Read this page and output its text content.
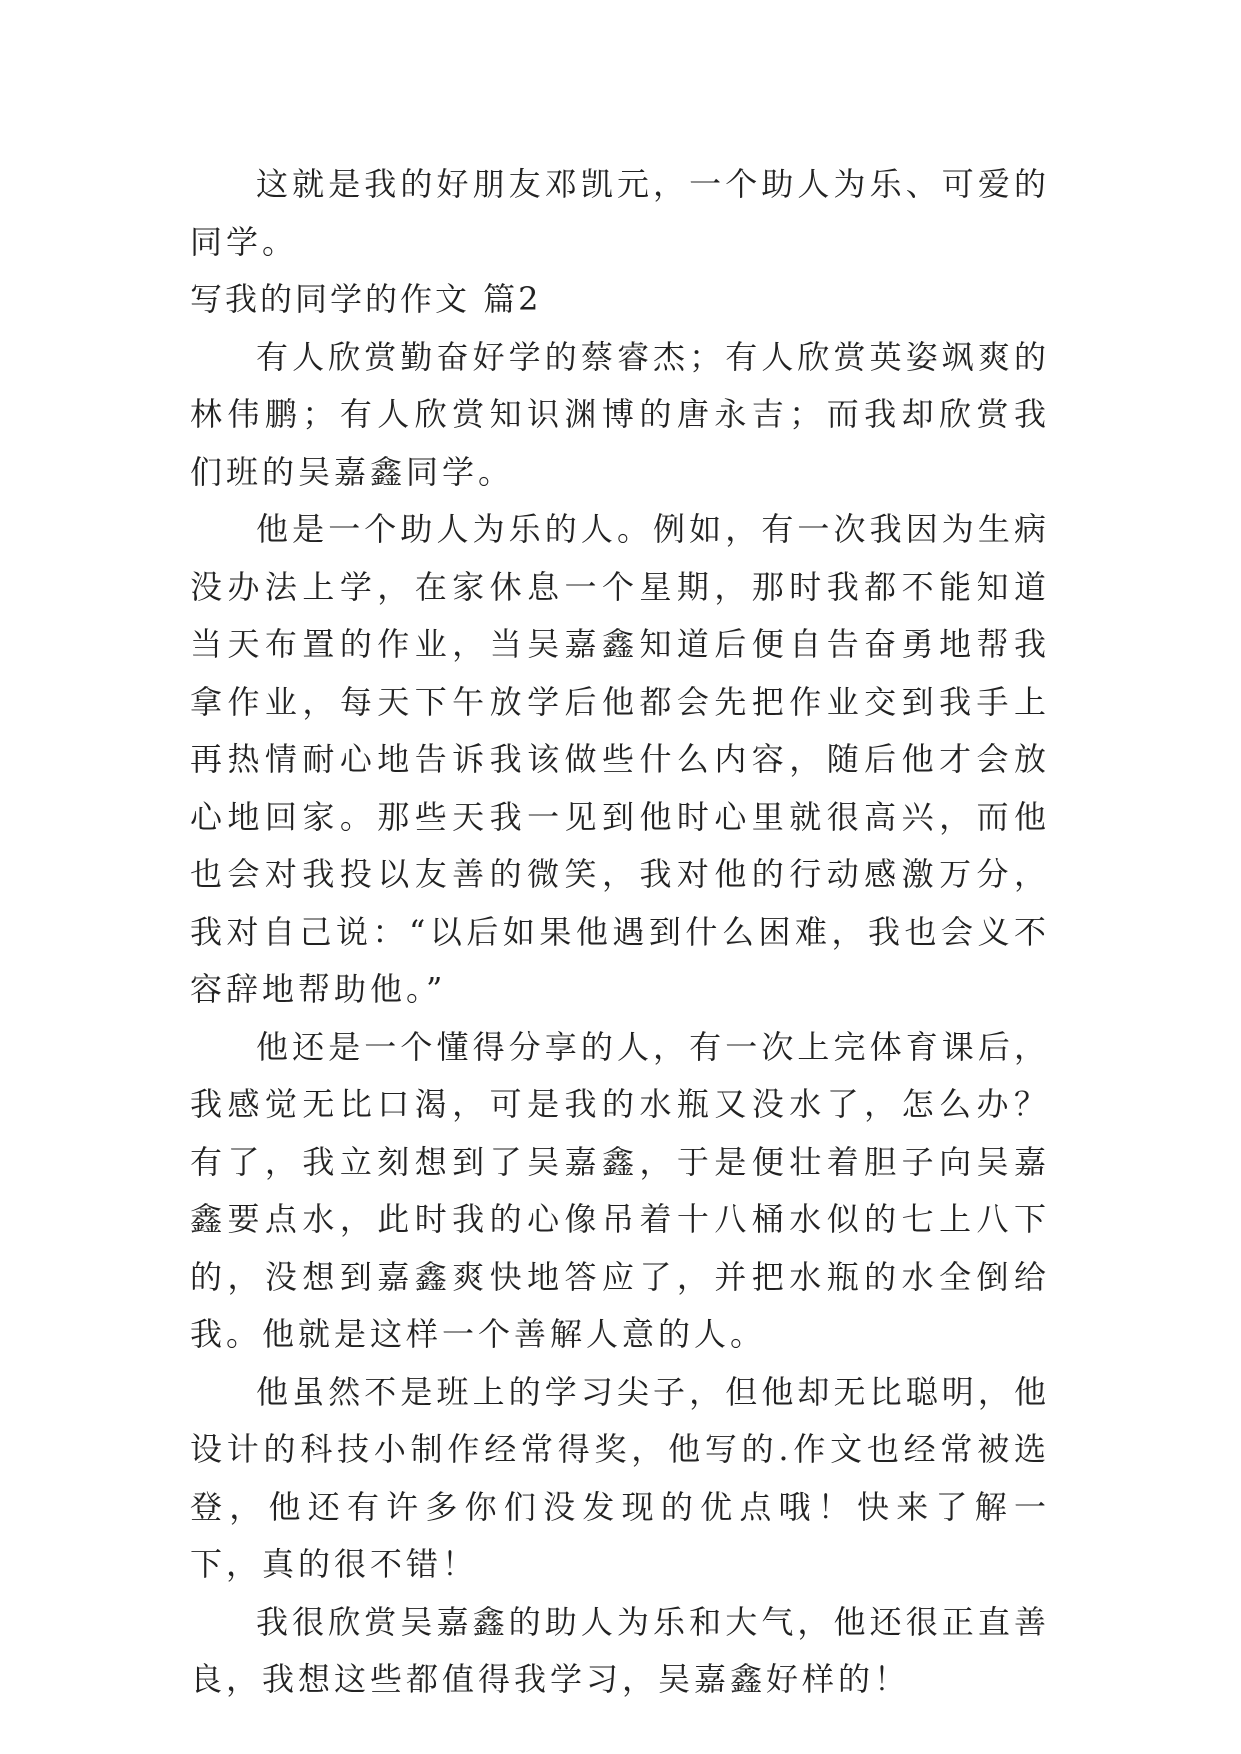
这就是我的好朋友邓凯元，一个助人为乐、可爱的同学。

写我的同学的作文 篇2

有人欣赏勤奋好学的蔡睿杰；有人欣赏英姿飒爽的林伟鹏；有人欣赏知识渊博的唐永吉；而我却欣赏我们班的吴嘉鑫同学。

他是一个助人为乐的人。例如，有一次我因为生病没办法上学，在家休息一个星期，那时我都不能知道当天布置的作业，当吴嘉鑫知道后便自告奋勇地帮我拿作业，每天下午放学后他都会先把作业交到我手上再热情耐心地告诉我该做些什么内容，随后他才会放心地回家。那些天我一见到他时心里就很高兴，而他也会对我投以友善的微笑，我对他的行动感激万分，我对自己说：“以后如果他遇到什么困难，我也会义不容辞地帮助他。”

他还是一个懂得分享的人，有一次上完体育课后，我感觉无比口渴，可是我的水瓶又没水了，怎么办？有了，我立刻想到了吴嘉鑫，于是便壮着胆子向吴嘉鑫要点水，此时我的心像吊着十八桶水似的七上八下的，没想到嘉鑫爽快地答应了，并把水瓶的水全倒给我。他就是这样一个善解人意的人。

他虽然不是班上的学习尖子，但他却无比聪明，他设计的科技小制作经常得奖，他写的.作文也经常被选登，他还有许多你们没发现的优点哦！快来了解一下，真的很不错！

我很欣赏吴嘉鑫的助人为乐和大气，他还很正直善良，我想这些都值得我学习，吴嘉鑫好样的！
